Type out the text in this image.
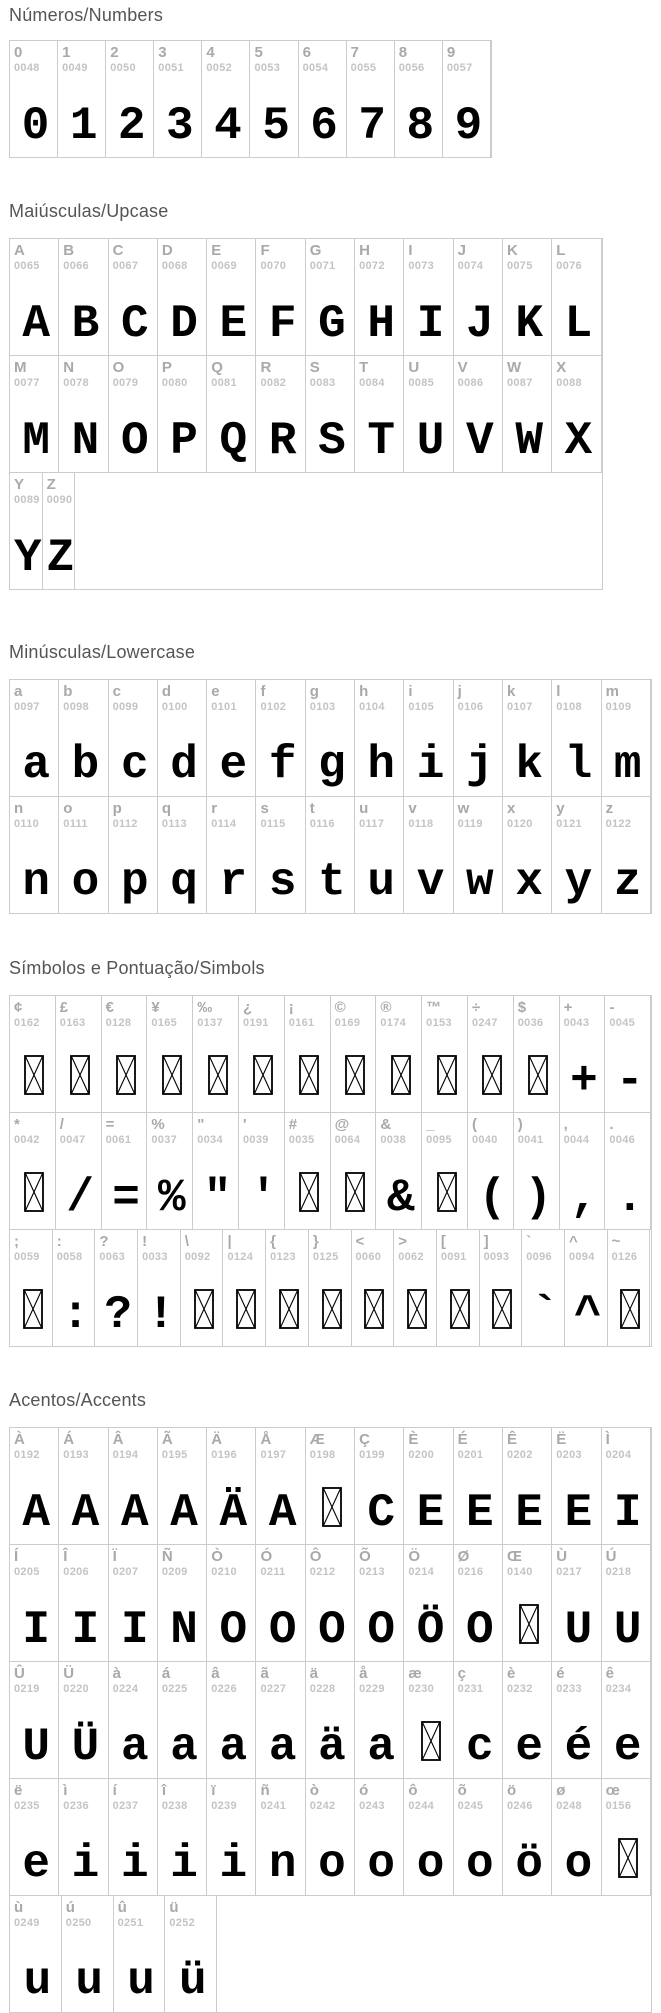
Números/Numbers
0
0048
0
1
0049
1
2
0050
2
3
0051
3
4
0052
4
5
0053
5
6
0054
6
7
0055
7
8
0056
8
9
0057
9
Maiúsculas/Upcase
A
0065
A
B
0066
B
C
0067
C
D
0068
D
E
0069
E
F
0070
F
G
0071
G
H
0072
H
I
0073
I
J
0074
J
K
0075
K
L
0076
L
M
0077
M
N
0078
N
O
0079
O
P
0080
P
Q
0081
Q
R
0082
R
S
0083
S
T
0084
T
U
0085
U
V
0086
V
W
0087
W
X
0088
X
Y
0089
Y
Z
0090
Z
Minúsculas/Lowercase
a
0097
a
b
0098
b
c
0099
c
d
0100
d
e
0101
e
f
0102
f
g
0103
g
h
0104
h
i
0105
i
j
0106
j
k
0107
k
l
0108
l
m
0109
m
n
0110
n
o
0111
o
p
0112
p
q
0113
q
r
0114
r
s
0115
s
t
0116
t
u
0117
u
v
0118
v
w
0119
w
x
0120
x
y
0121
y
z
0122
z
Símbolos e Pontuação/Simbols
¢
0162
£
0163
€
0128
¥
0165
‰
0137
¿
0191
¡
0161
©
0169
®
0174
™
0153
÷
0247
$
0036
+
0043
+
-
0045
-
*
0042
/
0047
/
=
0061
=
%
0037
%
"
0034
"
'
0039
'
#
0035
@
0064
&
0038
&
_
0095
(
0040
(
)
0041
)
,
0044
,
.
0046
.
;
0059
:
0058
:
?
0063
?
!
0033
!
\
0092
|
0124
{
0123
}
0125
<
0060
>
0062
[
0091
]
0093
`
0096
`
^
0094
^
~
0126
Acentos/Accents
À
0192
A
Á
0193
A
Â
0194
A
Ã
0195
A
Ä
0196
Ä
Å
0197
A
Æ
0198
Ç
0199
C
È
0200
E
É
0201
E
Ê
0202
E
Ë
0203
E
Ì
0204
I
Í
0205
I
Î
0206
I
Ï
0207
I
Ñ
0209
N
Ò
0210
O
Ó
0211
O
Ô
0212
O
Õ
0213
O
Ö
0214
Ö
Ø
0216
O
Œ
0140
Ù
0217
U
Ú
0218
U
Û
0219
U
Ü
0220
Ü
à
0224
a
á
0225
a
â
0226
a
ã
0227
a
ä
0228
ä
å
0229
a
æ
0230
ç
0231
c
è
0232
e
é
0233
é
ê
0234
e
ë
0235
e
ì
0236
i
í
0237
i
î
0238
i
ï
0239
i
ñ
0241
n
ò
0242
o
ó
0243
o
ô
0244
o
õ
0245
o
ö
0246
ö
ø
0248
o
œ
0156
ù
0249
u
ú
0250
u
û
0251
u
ü
0252
ü
